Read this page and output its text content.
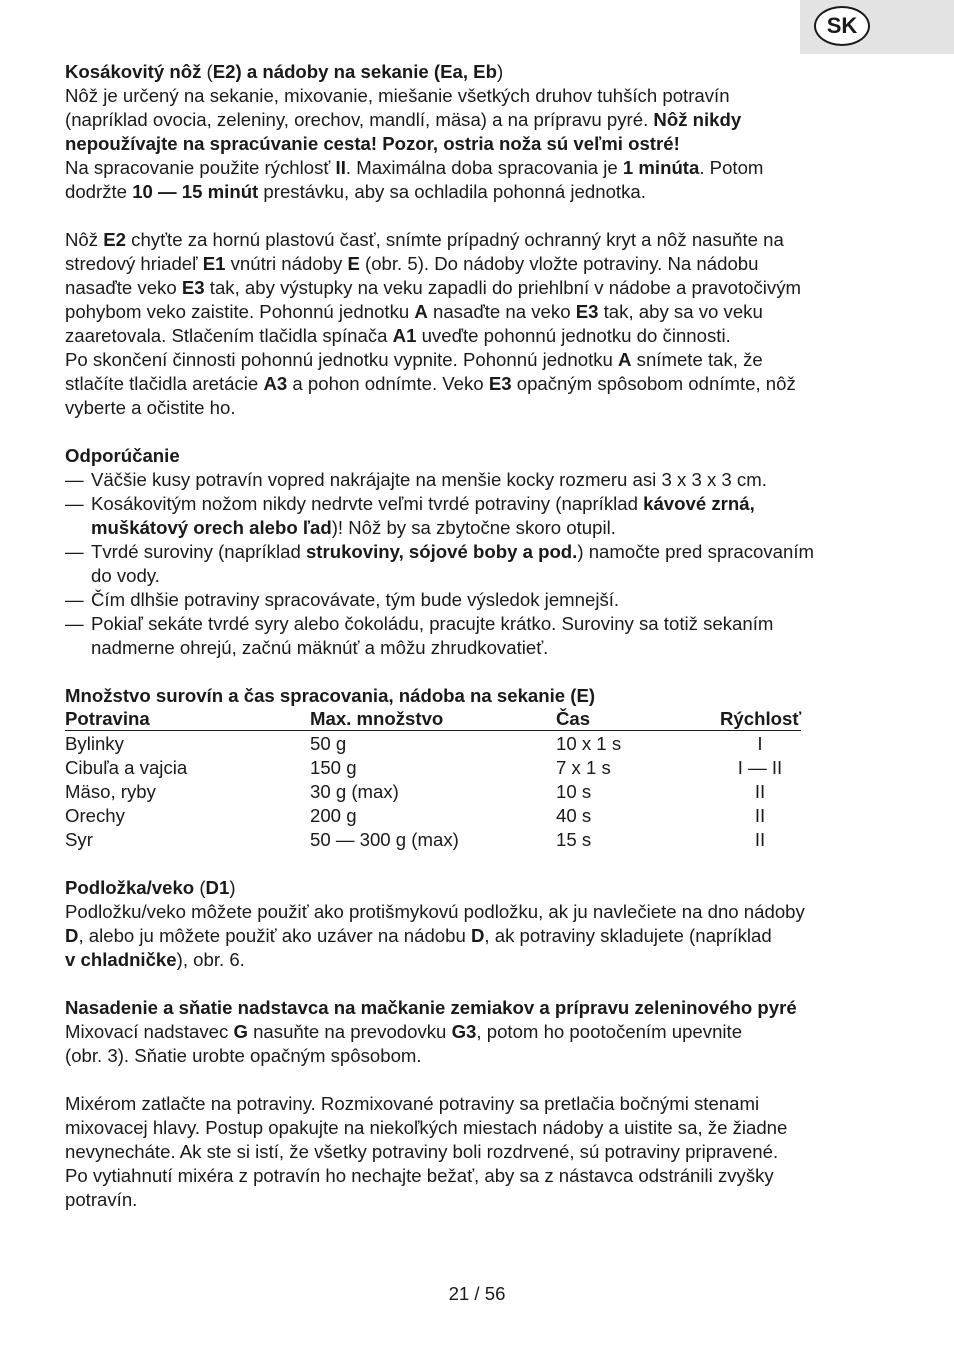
SK

Kosákovitý nôž (E2) a nádoby na sekanie (Ea, Eb)

Nôž je určený na sekanie, mixovanie, miešanie všetkých druhov tuhších potravín

(napríklad ovocia, zeleniny, orechov, mandlí, mäsa) a na prípravu pyré. Nôž nikdy

nepoužívajte na spracúvanie cesta! Pozor, ostria noža sú veľmi ostré!

Na spracovanie použite rýchlosť II. Maximálna doba spracovania je 1 minúta. Potom

dodržte 10 — 15 minút prestávku, aby sa ochladila pohonná jednotka.

Nôž E2 chyťte za hornú plastovú časť, snímte prípadný ochranný kryt a nôž nasuňte na

stredový hriadeľ E1 vnútri nádoby E (obr. 5). Do nádoby vložte potraviny. Na nádobu

nasaďte veko E3 tak, aby výstupky na veku zapadli do priehlbní v nádobe a pravotočivým

pohybom veko zaistite. Pohonnú jednotku A nasaďte na veko E3 tak, aby sa vo veku

zaaretovala. Stlačením tlačidla spínača A1 uveďte pohonnú jednotku do činnosti.

Po skončení činnosti pohonnú jednotku vypnite. Pohonnú jednotku A snímete tak, že

stlačíte tlačidla aretácie A3 a pohon odnímte. Veko E3 opačným spôsobom odnímte, nôž

vyberte a očistite ho.

Odporúčanie

— Väčšie kusy potravín vopred nakrájajte na menšie kocky rozmeru asi 3 x 3 x 3 cm.
— Kosákovitým nožom nikdy nedrvte veľmi tvrdé potraviny (napríklad kávové zrná,
muškátový orech alebo ľad)! Nôž by sa zbytočne skoro otupil.
— Tvrdé suroviny (napríklad strukoviny, sójové boby a pod.) namočte pred spracovaním
do vody.
— Čím dlhšie potraviny spracovávate, tým bude výsledok jemnejší.
— Pokiaľ sekáte tvrdé syry alebo čokoládu, pracujte krátko. Suroviny sa totiž sekaním
nadmerne ohrejú, začnú mäknúť a môžu zhrudkovatieť.

Množstvo surovín a čas spracovania, nádoba na sekanie (E)

Potravina	Max. množstvo	Čas	Rýchlosť
Bylinky	50 g	10 x 1 s	I
Cibuľa a vajcia	150 g	7 x 1 s	I — II
Mäso, ryby	30 g (max)	10 s	II
Orechy	200 g	40 s	II
Syr	50 — 300 g (max)	15 s	II

Podložka/veko (D1)

Podložku/veko môžete použiť ako protišmykovú podložku, ak ju navlečiete na dno nádoby

D, alebo ju môžete použiť ako uzáver na nádobu D, ak potraviny skladujete (napríklad

v chladničke), obr. 6.

Nasadenie a sňatie nadstavca na mačkanie zemiakov a prípravu zeleninového pyré

Mixovací nadstavec G nasuňte na prevodovku G3, potom ho pootočením upevnite

(obr. 3). Sňatie urobte opačným spôsobom.

Mixérom zatlačte na potraviny. Rozmixované potraviny sa pretlačia bočnými stenami

mixovacej hlavy. Postup opakujte na niekoľkých miestach nádoby a uistite sa, že žiadne

nevynecháte. Ak ste si istí, že všetky potraviny boli rozdrvené, sú potraviny pripravené.

Po vytiahnutí mixéra z potravín ho nechajte bežať, aby sa z nástavca odstránili zvyšky

potravín.

21 / 56
